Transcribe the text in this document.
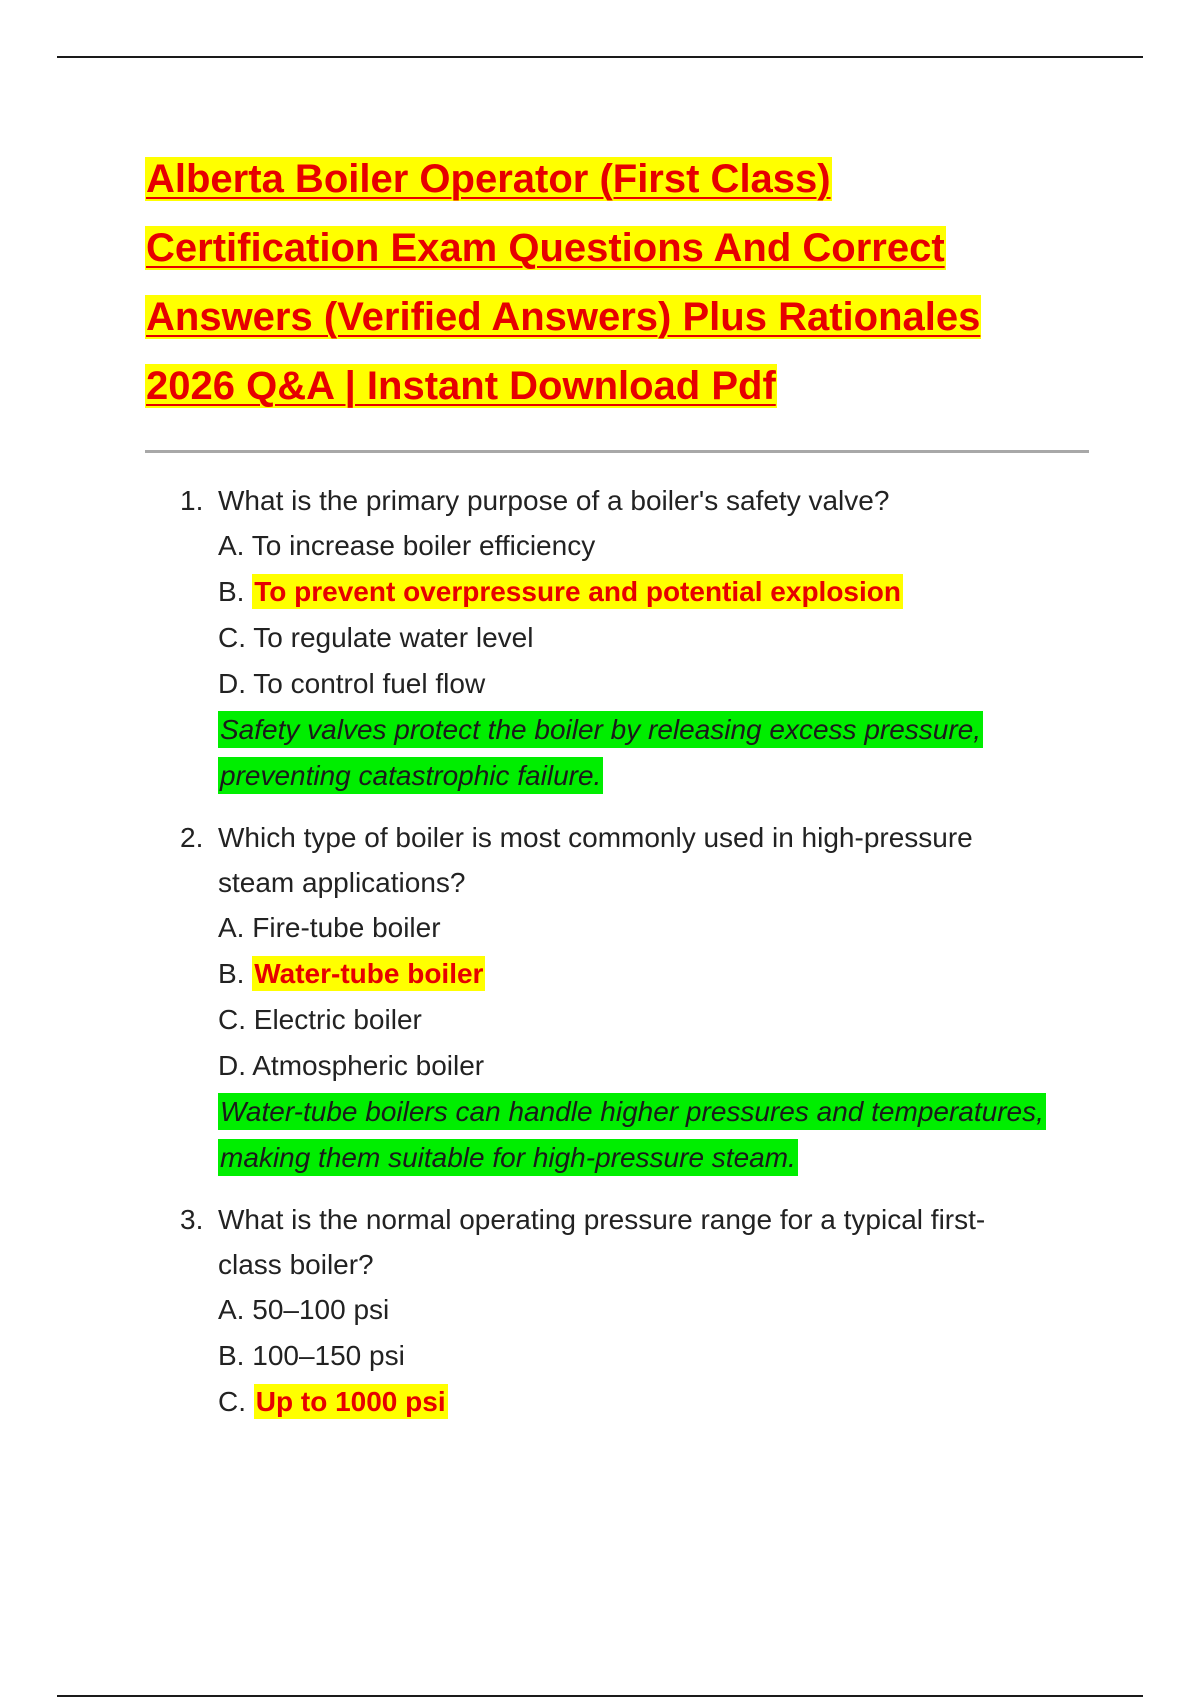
Alberta Boiler Operator (First Class)
Certification Exam Questions And Correct
Answers (Verified Answers) Plus Rationales
2026 Q&A | Instant Download Pdf
1. What is the primary purpose of a boiler's safety valve?
A. To increase boiler efficiency
B. To prevent overpressure and potential explosion
C. To regulate water level
D. To control fuel flow
Safety valves protect the boiler by releasing excess pressure,
preventing catastrophic failure.
2. Which type of boiler is most commonly used in high-pressure
steam applications?
A. Fire-tube boiler
B. Water-tube boiler
C. Electric boiler
D. Atmospheric boiler
Water-tube boilers can handle higher pressures and temperatures,
making them suitable for high-pressure steam.
3. What is the normal operating pressure range for a typical first-
class boiler?
A. 50–100 psi
B. 100–150 psi
C. Up to 1000 psi
